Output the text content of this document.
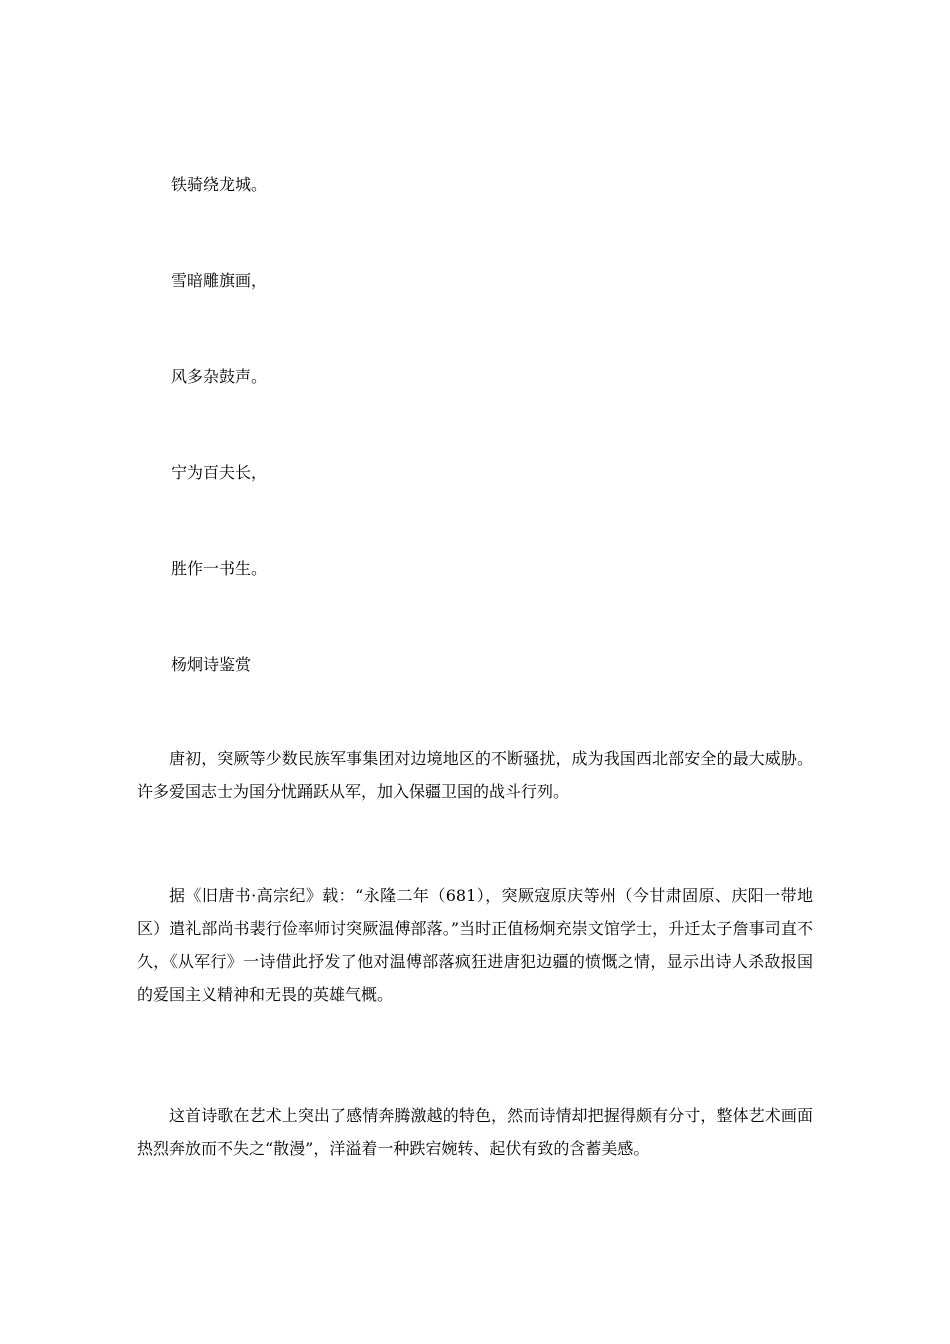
铁骑绕龙城。
雪暗雕旗画，
风多杂鼓声。
宁为百夫长，
胜作一书生。
杨炯诗鉴赏

唐初，突厥等少数民族军事集团对边境地区的不断骚扰，成为我国西北部安全的最大威胁。许多爱国志士为国分忧踊跃从军，加入保疆卫国的战斗行列。

据《旧唐书·高宗纪》载：“永隆二年（681），突厥寇原庆等州（今甘肃固原、庆阳一带地区）遣礼部尚书裴行俭率师讨突厥温傅部落。”当时正值杨炯充崇文馆学士，升迁太子詹事司直不久，《从军行》一诗借此抒发了他对温傅部落疯狂进唐犯边疆的愤慨之情，显示出诗人杀敌报国的爱国主义精神和无畏的英雄气概。

这首诗歌在艺术上突出了感情奔腾激越的特色，然而诗情却把握得颇有分寸，整体艺术画面热烈奔放而不失之“散漫”，洋溢着一种跌宕婉转、起伏有致的含蓄美感。
